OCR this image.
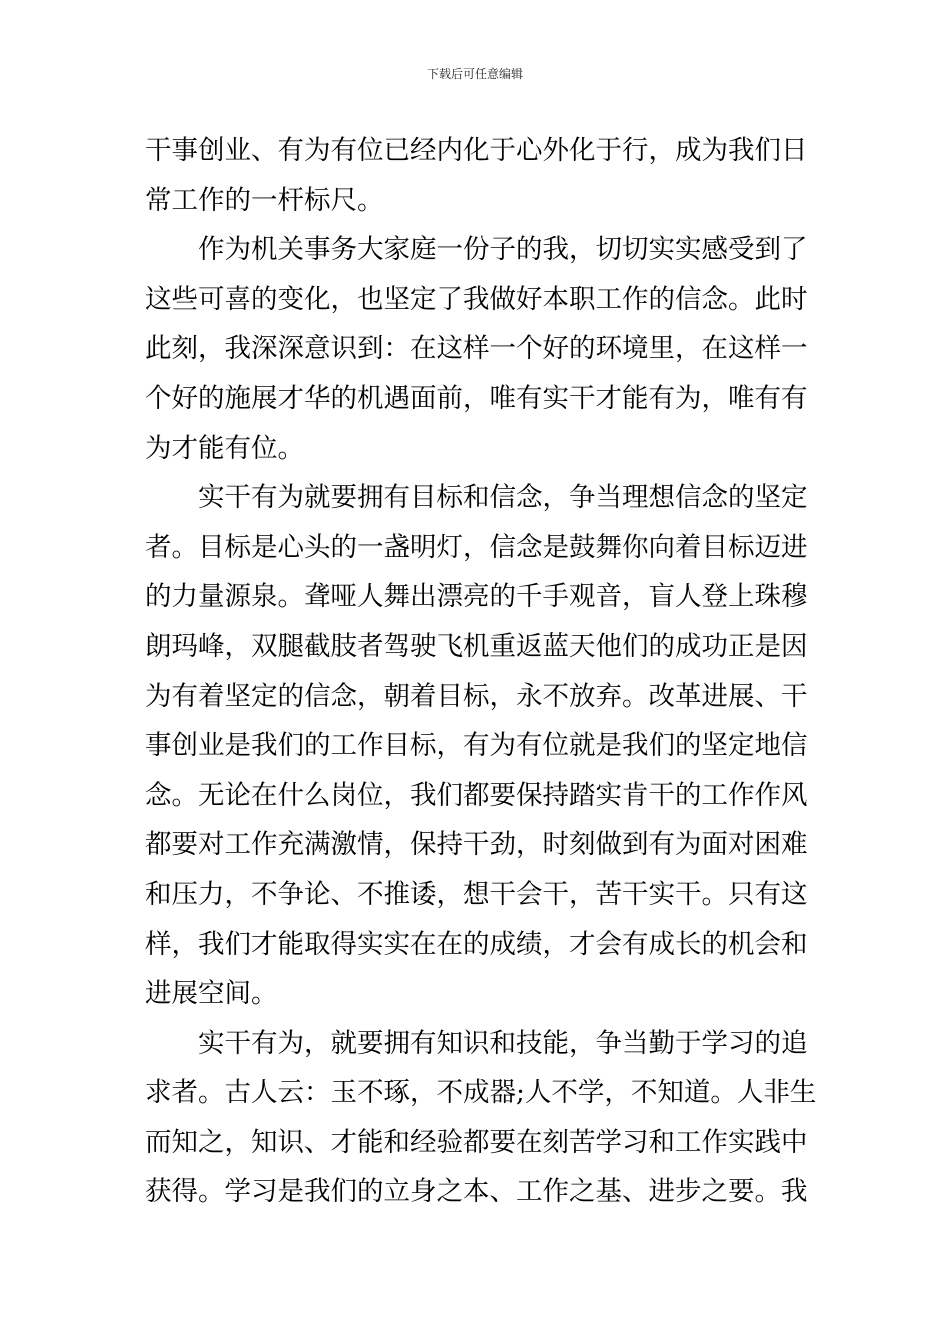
下载后可任意编辑
干事创业、有为有位已经内化于心外化于行，成为我们日
常工作的一杆标尺。
　　作为机关事务大家庭一份子的我，切切实实感受到了
这些可喜的变化，也坚定了我做好本职工作的信念。此时
此刻，我深深意识到：在这样一个好的环境里，在这样一
个好的施展才华的机遇面前，唯有实干才能有为，唯有有
为才能有位。
　　实干有为就要拥有目标和信念，争当理想信念的坚定
者。目标是心头的一盏明灯，信念是鼓舞你向着目标迈进
的力量源泉。聋哑人舞出漂亮的千手观音，盲人登上珠穆
朗玛峰，双腿截肢者驾驶飞机重返蓝天他们的成功正是因
为有着坚定的信念，朝着目标，永不放弃。改革进展、干
事创业是我们的工作目标，有为有位就是我们的坚定地信
念。无论在什么岗位，我们都要保持踏实肯干的工作作风
都要对工作充满激情，保持干劲，时刻做到有为面对困难
和压力，不争论、不推诿，想干会干，苦干实干。只有这
样，我们才能取得实实在在的成绩，才会有成长的机会和
进展空间。
　　实干有为，就要拥有知识和技能，争当勤于学习的追
求者。古人云：玉不琢，不成器;人不学，不知道。人非生
而知之，知识、才能和经验都要在刻苦学习和工作实践中
获得。学习是我们的立身之本、工作之基、进步之要。我
